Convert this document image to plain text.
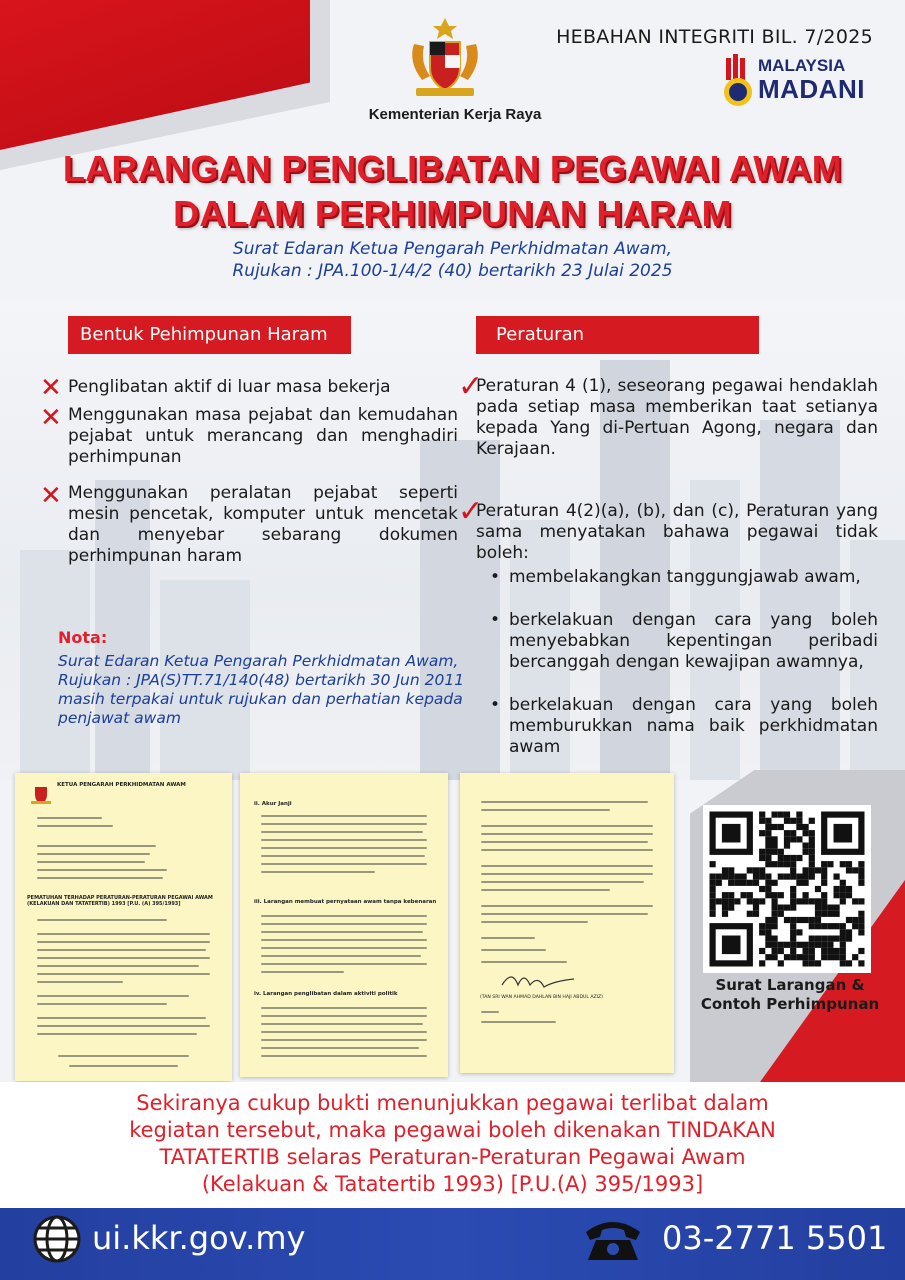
Kementerian Kerja Raya
HEBAHAN INTEGRITI BIL. 7/2025
MALAYSIA
MADANI
LARANGAN PENGLIBATAN PEGAWAI AWAM
DALAM PERHIMPUNAN HARAM
Surat Edaran Ketua Pengarah Perkhidmatan Awam,
Rujukan : JPA.100-1/4/2 (40) bertarikh 23 Julai 2025
Bentuk Pehimpunan Haram
✕ Penglibatan aktif di luar masa bekerja
✕ Menggunakan masa pejabat dan kemudahan pejabat untuk merancang dan menghadiri perhimpunan
✕ Menggunakan peralatan pejabat seperti mesin pencetak, komputer untuk mencetak dan menyebar sebarang dokumen perhimpunan haram
Nota:
Surat Edaran Ketua Pengarah Perkhidmatan Awam, Rujukan : JPA(S)TT.71/140(48) bertarikh 30 Jun 2011 masih terpakai untuk rujukan dan perhatian kepada penjawat awam
Peraturan
✓
Peraturan 4 (1), seseorang pegawai hendaklah pada setiap masa memberikan taat setianya kepada Yang di-Pertuan Agong, negara dan Kerajaan.
✓
Peraturan 4(2)(a), (b), dan (c), Peraturan yang sama menyatakan bahawa pegawai tidak boleh:
• membelakangkan tanggungjawab awam,
• berkelakuan dengan cara yang boleh menyebabkan kepentingan peribadi bercanggah dengan kewajipan awamnya,
• berkelakuan dengan cara yang boleh memburukkan nama baik perkhidmatan awam
KETUA PENGARAH PERKHIDMATAN AWAM
PEMATUHAN TERHADAP PERATURAN-PERATURAN PEGAWAI AWAM (KELAKUAN DAN TATATERTIB) 1993 [P.U. (A) 395/1993]
ii. Akur Janji
iii. Larangan membuat pernyataan awam tanpa kebenaran
iv. Larangan penglibatan dalam aktiviti politik
(TAN SRI WAN AHMAD DAHLAN BIN HAJI ABDUL AZIZ)
Surat Larangan & Contoh Perhimpunan
Sekiranya cukup bukti menunjukkan pegawai terlibat dalam
kegiatan tersebut, maka pegawai boleh dikenakan TINDAKAN
TATATERTIB selaras Peraturan-Peraturan Pegawai Awam
(Kelakuan & Tatatertib 1993) [P.U.(A) 395/1993]
ui.kkr.gov.my	03-2771 5501
